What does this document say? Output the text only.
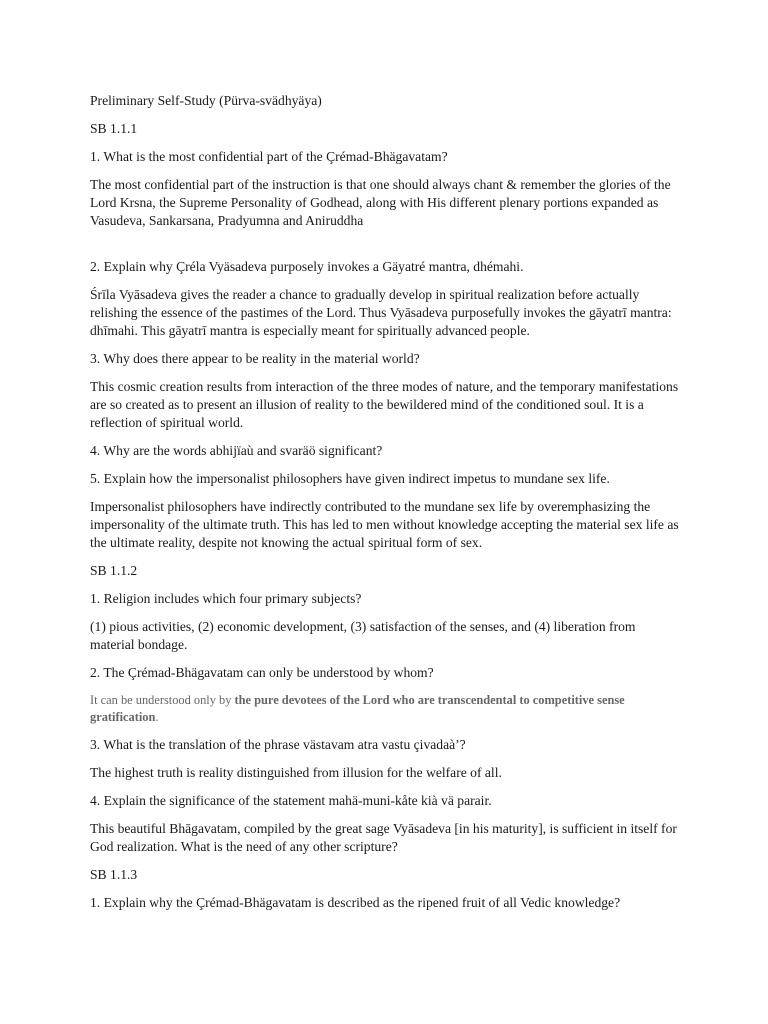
Preliminary Self-Study (Pürva-svädhyäya)

SB 1.1.1

1. What is the most confidential part of the Çrémad-Bhägavatam?

The most confidential part of the instruction is that one should always chant & remember the glories of the Lord Krsna, the Supreme Personality of Godhead, along with His different plenary portions expanded as Vasudeva, Sankarsana, Pradyumna and Aniruddha

2. Explain why Çréla Vyäsadeva purposely invokes a Gäyatré mantra, dhémahi.

Śrīla Vyāsadeva gives the reader a chance to gradually develop in spiritual realization before actually relishing the essence of the pastimes of the Lord. Thus Vyāsadeva purposefully invokes the gāyatrī mantra: dhīmahi. This gāyatrī mantra is especially meant for spiritually advanced people.

3. Why does there appear to be reality in the material world?

This cosmic creation results from interaction of the three modes of nature, and the temporary manifestations are so created as to present an illusion of reality to the bewildered mind of the conditioned soul. It is a reflection of spiritual world.

4. Why are the words abhijïaù and svaräö significant?

5. Explain how the impersonalist philosophers have given indirect impetus to mundane sex life.

Impersonalist philosophers have indirectly contributed to the mundane sex life by overemphasizing the impersonality of the ultimate truth. This has led to men without knowledge accepting the material sex life as the ultimate reality, despite not knowing the actual spiritual form of sex.

SB 1.1.2

1. Religion includes which four primary subjects?

(1) pious activities, (2) economic development, (3) satisfaction of the senses, and (4) liberation from material bondage.

2. The Çrémad-Bhägavatam can only be understood by whom?

It can be understood only by the pure devotees of the Lord who are transcendental to competitive sense gratification.

3. What is the translation of the phrase västavam atra vastu çivadaà’?

The highest truth is reality distinguished from illusion for the welfare of all.

4. Explain the significance of the statement mahä-muni-kåte kià vä parair.

This beautiful Bhāgavatam, compiled by the great sage Vyāsadeva [in his maturity], is sufficient in itself for God realization. What is the need of any other scripture?

SB 1.1.3

1. Explain why the Çrémad-Bhägavatam is described as the ripened fruit of all Vedic knowledge?
